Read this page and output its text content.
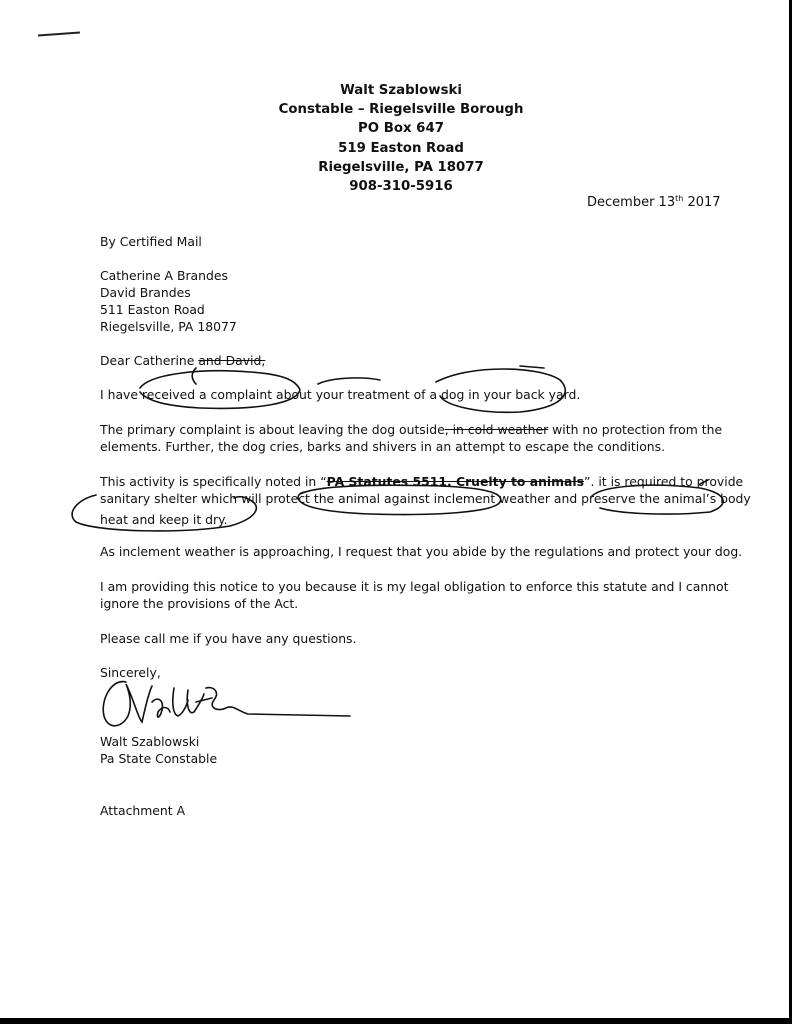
Walt Szablowski
Constable – Riegelsville Borough
PO Box 647
519 Easton Road
Riegelsville, PA 18077
908-310-5916
December 13th 2017
By Certified Mail
Catherine A Brandes
David Brandes
511 Easton Road
Riegelsville, PA 18077
Dear Catherine and David,
I have received a complaint about your treatment of a dog in your back yard.
The primary complaint is about leaving the dog outside, in cold weather with no protection from the
elements. Further, the dog cries, barks and shivers in an attempt to escape the conditions.
This activity is specifically noted in “PA Statutes 5511. Cruelty to animals”. it is required to provide
sanitary shelter which will protect the animal against inclement weather and preserve the animal’s body
heat and keep it dry.
As inclement weather is approaching, I request that you abide by the regulations and protect your dog.
I am providing this notice to you because it is my legal obligation to enforce this statute and I cannot
ignore the provisions of the Act.
Please call me if you have any questions.
Sincerely,
Walt Szablowski
Pa State Constable
Attachment A
